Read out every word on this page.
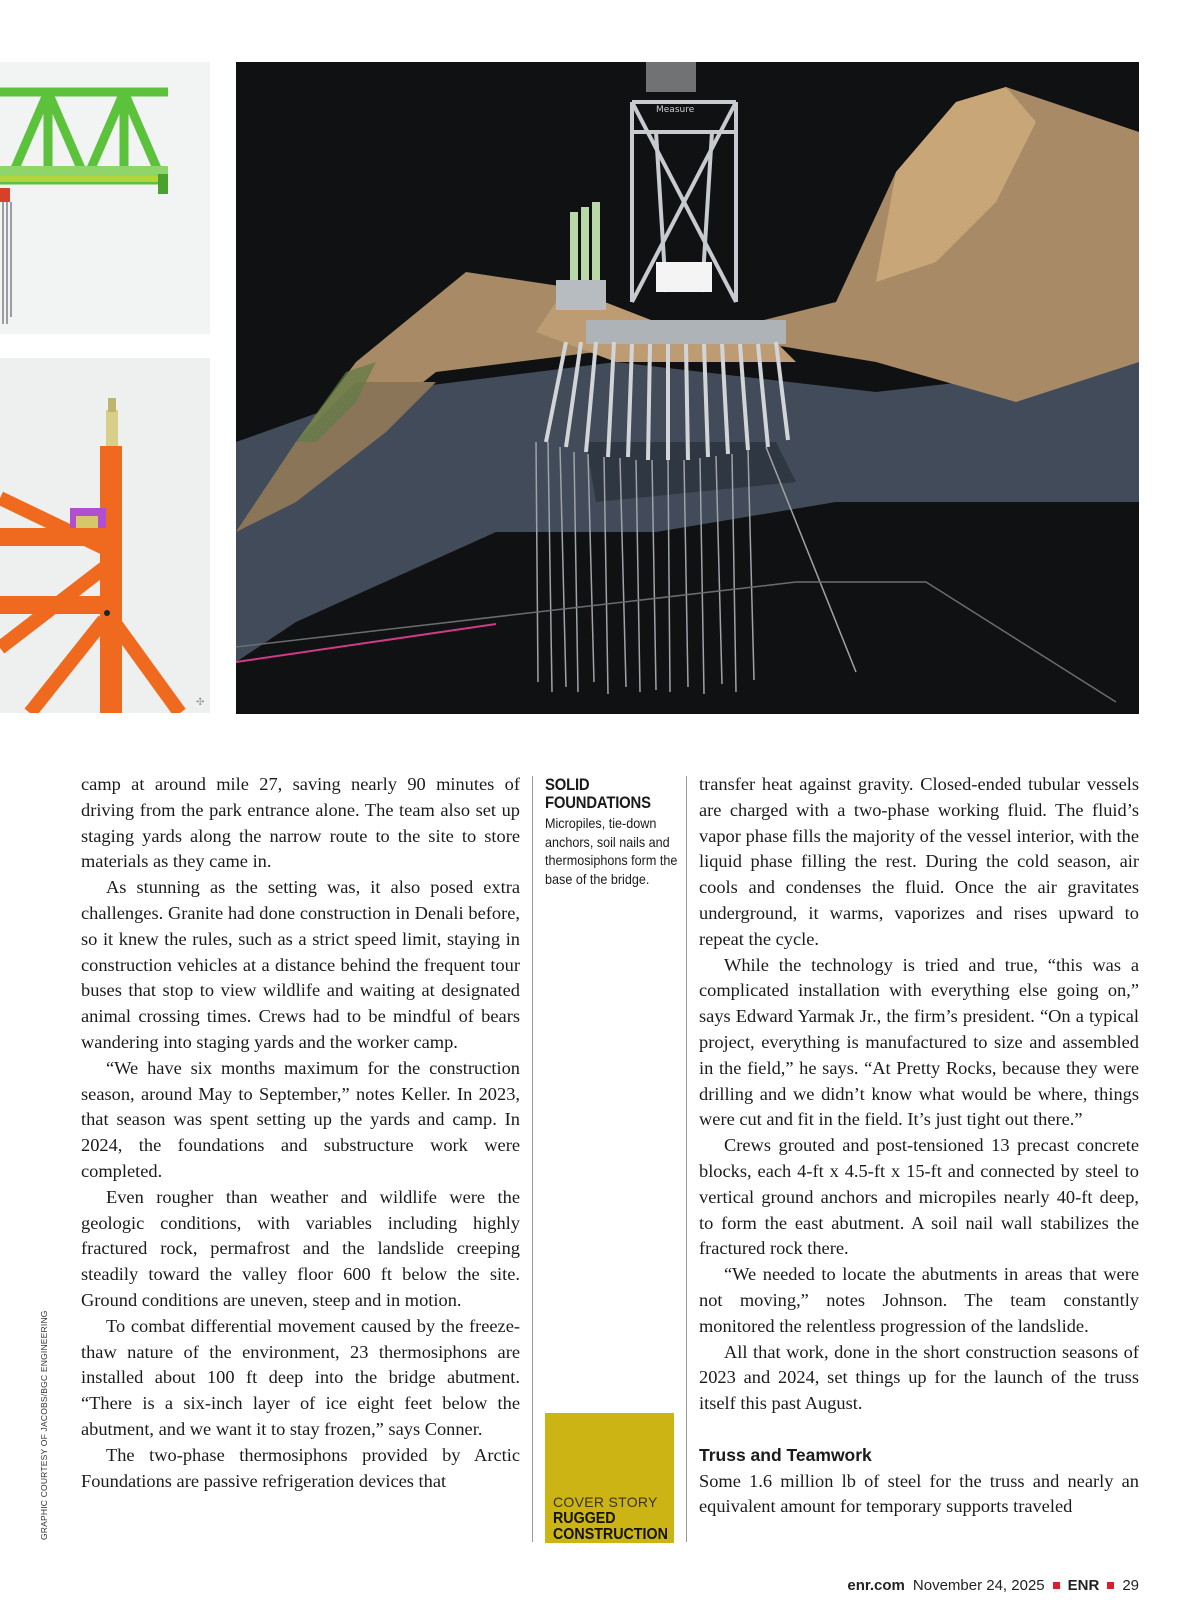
✣
Measure

camp at around mile 27, saving nearly 90 minutes of driving from the park entrance alone. The team also set up staging yards along the narrow route to the site to store materials as they came in.

As stunning as the setting was, it also posed extra challenges. Granite had done construction in Denali before, so it knew the rules, such as a strict speed limit, staying in construction vehicles at a distance behind the frequent tour buses that stop to view wildlife and waiting at designated animal crossing times. Crews had to be mindful of bears wandering into staging yards and the worker camp.

“We have six months maximum for the construction season, around May to September,” notes Keller. In 2023, that season was spent setting up the yards and camp. In 2024, the foundations and substructure work were completed.

Even rougher than weather and wildlife were the geologic conditions, with variables including highly fractured rock, permafrost and the landslide creeping steadily toward the valley floor 600 ft below the site. Ground conditions are uneven, steep and in motion.

To combat differential movement caused by the freeze-thaw nature of the environment, 23 thermosiphons are installed about 100 ft deep into the bridge abutment. “There is a six-inch layer of ice eight feet below the abutment, and we want it to stay frozen,” says Conner.

The two-phase thermosiphons provided by Arctic Foundations are passive refrigeration devices that

SOLID FOUNDATIONS
Micropiles, tie-down anchors, soil nails and thermosiphons form the base of the bridge.
COVER STORY
RUGGED CONSTRUCTION

transfer heat against gravity. Closed-ended tubular vessels are charged with a two-phase working fluid. The fluid’s vapor phase fills the majority of the vessel interior, with the liquid phase filling the rest. During the cold season, air cools and condenses the fluid. Once the air gravitates underground, it warms, vaporizes and rises upward to repeat the cycle.

While the technology is tried and true, “this was a complicated installation with everything else going on,” says Edward Yarmak Jr., the firm’s president. “On a typical project, everything is manufactured to size and assembled in the field,” he says. “At Pretty Rocks, because they were drilling and we didn’t know what would be where, things were cut and fit in the field. It’s just tight out there.”

Crews grouted and post-tensioned 13 precast concrete blocks, each 4-ft x 4.5-ft x 15-ft and connected by steel to vertical ground anchors and micropiles nearly 40-ft deep, to form the east abutment. A soil nail wall stabilizes the fractured rock there.

“We needed to locate the abutments in areas that were not moving,” notes Johnson. The team constantly monitored the relentless progression of the landslide.

All that work, done in the short construction seasons of 2023 and 2024, set things up for the launch of the truss itself this past August.

Truss and Teamwork

Some 1.6 million lb of steel for the truss and nearly an equivalent amount for temporary supports traveled

GRAPHIC COURTESY OF JACOBS/BGC ENGINEERING
enr.com November 24, 2025 ENR 29
